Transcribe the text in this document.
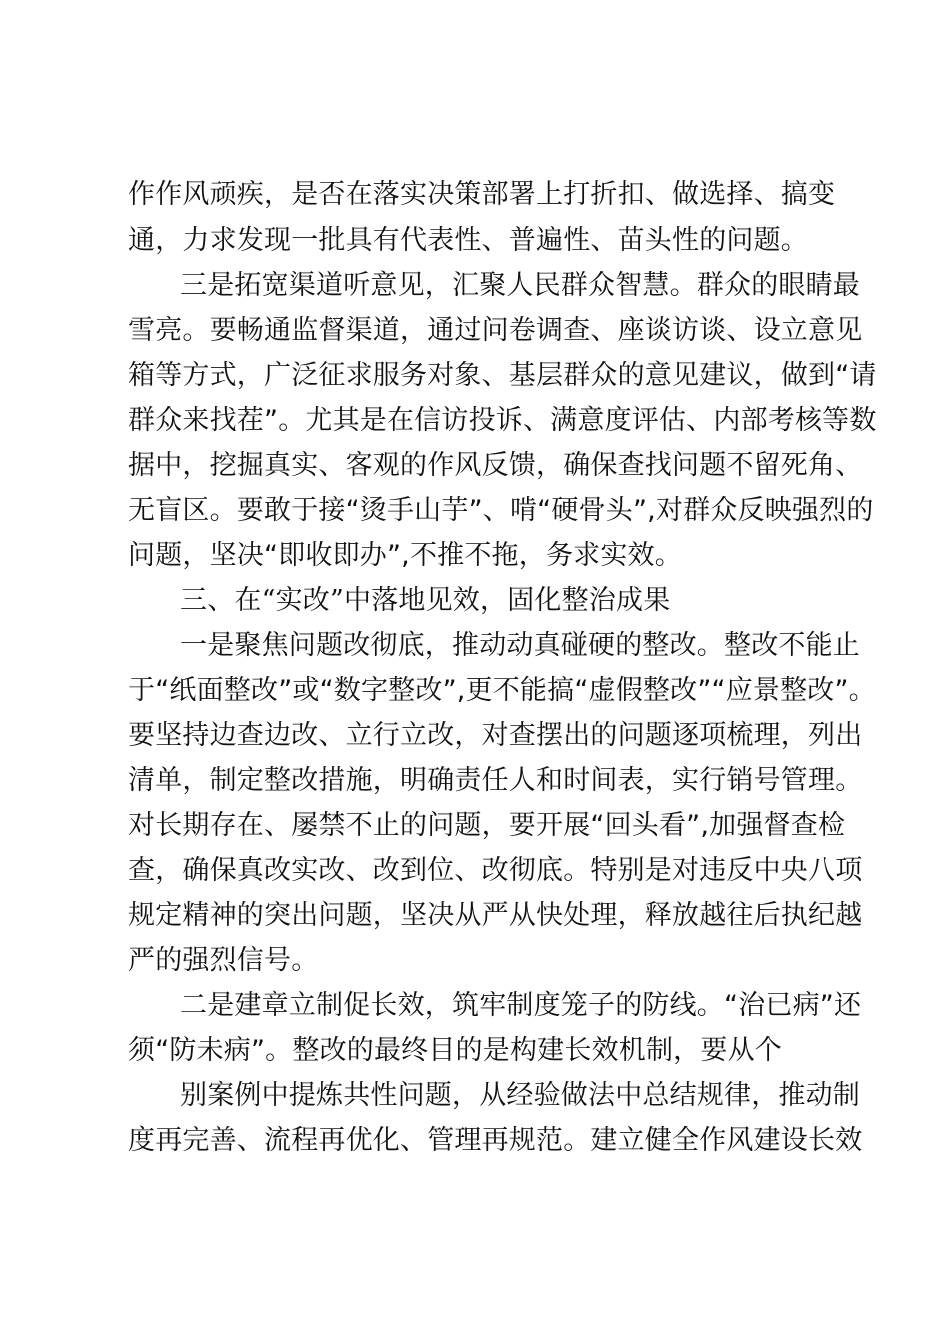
作作风顽疾，是否在落实决策部署上打折扣、做选择、搞变

通，力求发现一批具有代表性、普遍性、苗头性的问题。

三是拓宽渠道听意见，汇聚人民群众智慧。群众的眼睛最

雪亮。要畅通监督渠道，通过问卷调查、座谈访谈、设立意见

箱等方式，广泛征求服务对象、基层群众的意见建议，做到“请

群众来找茬”。尤其是在信访投诉、满意度评估、内部考核等数

据中，挖掘真实、客观的作风反馈，确保查找问题不留死角、

无盲区。要敢于接“烫手山芋”、啃“硬骨头”,对群众反映强烈的

问题，坚决“即收即办”,不推不拖，务求实效。

三、在“实改”中落地见效，固化整治成果

一是聚焦问题改彻底，推动动真碰硬的整改。整改不能止

于“纸面整改”或“数字整改”,更不能搞“虚假整改”“应景整改”。

要坚持边查边改、立行立改，对查摆出的问题逐项梳理，列出

清单，制定整改措施，明确责任人和时间表，实行销号管理。

对长期存在、屡禁不止的问题，要开展“回头看”,加强督查检

查，确保真改实改、改到位、改彻底。特别是对违反中央八项

规定精神的突出问题，坚决从严从快处理，释放越往后执纪越

严的强烈信号。

二是建章立制促长效，筑牢制度笼子的防线。“治已病”还

须“防未病”。整改的最终目的是构建长效机制，要从个

别案例中提炼共性问题，从经验做法中总结规律，推动制

度再完善、流程再优化、管理再规范。建立健全作风建设长效
